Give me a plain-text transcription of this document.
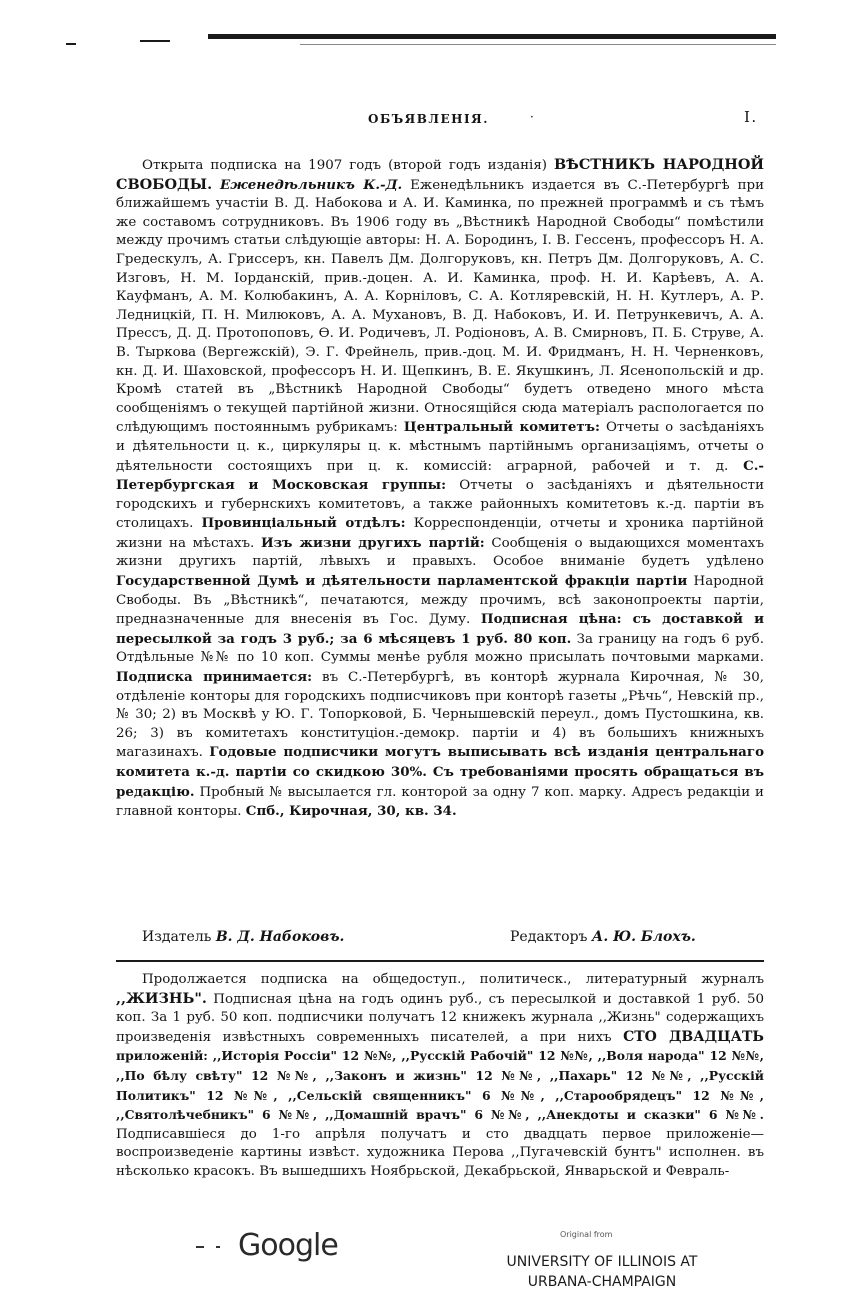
ОБЪЯВЛЕНІЯ.	·	I.

Открыта подписка на 1907 годъ (второй годъ изданія) ВѢСТНИКЪ НАРОДНОЙ СВОБОДЫ. Еженедѣльникъ К.-Д. Еженедѣльникъ издается въ С.-Петербургѣ при ближайшемъ участіи В. Д. Набокова и А. И. Каминка, по прежней программѣ и съ тѣмъ же составомъ сотрудниковъ. Въ 1906 году въ „Вѣстникѣ Народной Свободы“ помѣстили между прочимъ статьи слѣдующіе авторы: Н. А. Бородинъ, І. В. Гессенъ, профессоръ Н. А. Гредескулъ, А. Гриссеръ, кн. Павелъ Дм. Долгоруковъ, кн. Петръ Дм. Долгоруковъ, А. С. Изговъ, Н. М. Іорданскій, прив.-доцен. А. И. Каминка, проф. Н. И. Карѣевъ, А. А. Кауфманъ, А. М. Колюбакинъ, А. А. Корнiловъ, С. А. Котляревскій, Н. Н. Кутлеръ, А. Р. Ледницкій, П. Н. Милюковъ, А. А. Мухановъ, В. Д. Набоковъ, И. И. Петрункевичъ, А. А. Прессъ, Д. Д. Протопоповъ, Ѳ. И. Родичевъ, Л. Родіоновъ, А. В. Смирновъ, П. Б. Струве, А. В. Тыркова (Вергежскій), Э. Г. Фрейнель, прив.-доц. М. И. Фридманъ, Н. Н. Черненковъ, кн. Д. И. Шаховской, профессоръ Н. И. Щепкинъ, В. Е. Якушкинъ, Л. Ясенопольскій и др. Кромѣ статей въ „Вѣстникѣ Народной Свободы“ будетъ отведено много мѣста сообщеніямъ о текущей партійной жизни. Относящійся сюда матеріалъ распологается по слѣдующимъ постояннымъ рубрикамъ: Центральный комитетъ: Отчеты о засѣданіяхъ и дѣятельности ц. к., циркуляры ц. к. мѣстнымъ партійнымъ организаціямъ, отчеты о дѣятельности состоящихъ при ц. к. комиссій: аграрной, рабочей и т. д. С.-Петербургская и Московская группы: Отчеты о засѣданіяхъ и дѣятельности городскихъ и губернскихъ комитетовъ, а также районныхъ комитетовъ к.-д. партіи въ столицахъ. Провинціальный отдѣлъ: Корреспонденціи, отчеты и хроника партійной жизни на мѣстахъ. Изъ жизни другихъ партій: Сообщенія о выдающихся моментахъ жизни другихъ партій, лѣвыхъ и правыхъ. Особое вниманіе будетъ удѣлено Государственной Думѣ и дѣятельности парламентской фракціи партіи Народной Свободы. Въ „Вѣстникѣ“, печатаются, между прочимъ, всѣ законопроекты партіи, предназначенные для внесенія въ Гос. Думу. Подписная цѣна: съ доставкой и пересылкой за годъ 3 руб.; за 6 мѣсяцевъ 1 руб. 80 коп. За границу на годъ 6 руб. Отдѣльные №№ по 10 коп. Суммы менѣе рубля можно присылать почтовыми марками. Подписка принимается: въ С.-Петербургѣ, въ конторѣ журнала Кирочная, № 30, отдѣленіе конторы для городскихъ подписчиковъ при конторѣ газеты „Рѣчь“, Невскій пр., № 30; 2) въ Москвѣ у Ю. Г. Топорковой, Б. Чернышевскій переул., домъ Пустошкина, кв. 26; 3) въ комитетахъ конституціон.-демокр. партіи и 4) въ большихъ книжныхъ магазинахъ. Годовые подписчики могутъ выписывать всѣ изданія центральнаго комитета к.-д. партіи со скидкою 30%. Съ требованіями просять обращаться въ редакцію. Пробный № высылается гл. конторой за одну 7 коп. марку. Адресъ редакціи и главной конторы. Спб., Кирочная, 30, кв. 34.

Издатель В. Д. Набоковъ.	Редакторъ А. Ю. Блохъ.

Продолжается подписка на общедоступ., политическ., литературный журналъ ,,ЖИЗНЬ". Подписная цѣна на годъ одинъ руб., съ пересылкой и доставкой 1 руб. 50 коп. За 1 руб. 50 коп. подписчики получатъ 12 книжекъ журнала ,,Жизнь" содержащихъ произведенія извѣстныхъ современныхъ писателей, а при нихъ СТО ДВАДЦАТЬ приложеній: ,,Исторія Россіи" 12 №№, ,,Русскій Рабочій" 12 №№, ,,Воля народа" 12 №№, ,,По бѣлу свѣту" 12 №№, ,,Законъ и жизнь" 12 №№, ,,Пахарь" 12 №№, ,,Русскій Политикъ" 12 №№, ,,Сельскій священникъ" 6 №№, ,,Старообрядецъ" 12 №№, ,,Cвятолѣчебникъ" 6 №№, ,,Домашній врачъ" 6 №№, ,,Анекдоты и сказки" 6 №№. Подписавшіеся до 1-го апрѣля получатъ и сто двадцать первое приложеніе—воспроизведеніе картины извѣст. художника Перова ,,Пугачевскій бунтъ" исполнен. въ нѣсколько красокъ. Въ вышедшихъ Ноябрьской, Декабрьской, Январьской и Февраль-

Google	Original from
UNIVERSITY OF ILLINOIS AT URBANA-CHAMPAIGN
